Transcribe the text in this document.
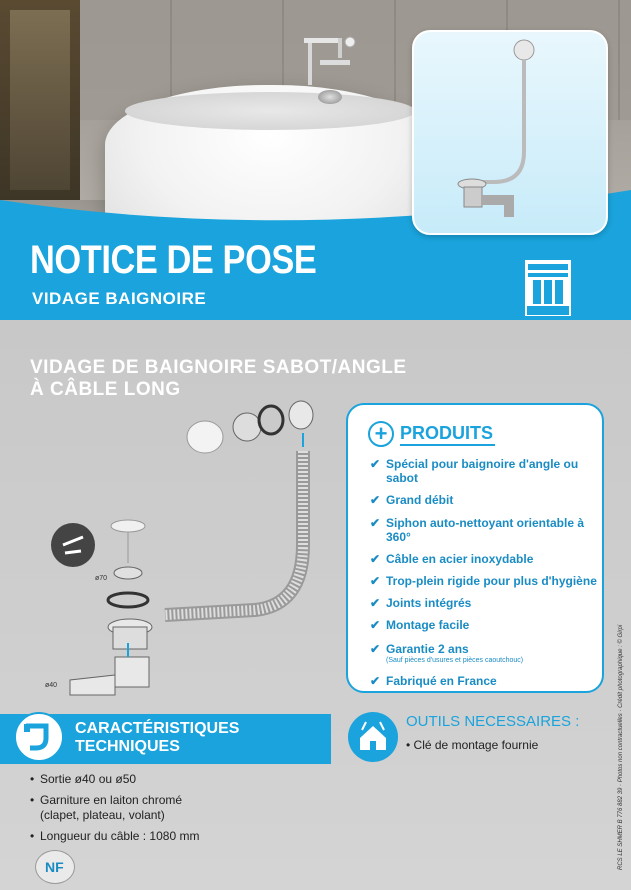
NOTICE DE POSE
VIDAGE BAIGNOIRE
VIDAGE DE BAIGNOIRE SABOT/ANGLE
À CÂBLE LONG
ø70
ø40
+ PRODUITS
✔ Spécial pour baignoire d'angle ou sabot
✔ Grand débit
✔ Siphon auto-nettoyant orientable à 360°
✔ Câble en acier inoxydable
✔ Trop-plein rigide pour plus d'hygiène
✔ Joints intégrés
✔ Montage facile
✔ Garantie 2 ans
(Sauf pièces d'usures et pièces caoutchouc)
✔ Fabriqué en France
CARACTÉRISTIQUES
TECHNIQUES
• Sortie ø40 ou ø50
• Garniture en laiton chromé (clapet, plateau, volant)
• Longueur du câble : 1080 mm
NF
OUTILS NECESSAIRES :
• Clé de montage fournie	RCS LE SHMER B 776 882 39 · Photos non contractuelles · Crédit photographique : © Girpi
